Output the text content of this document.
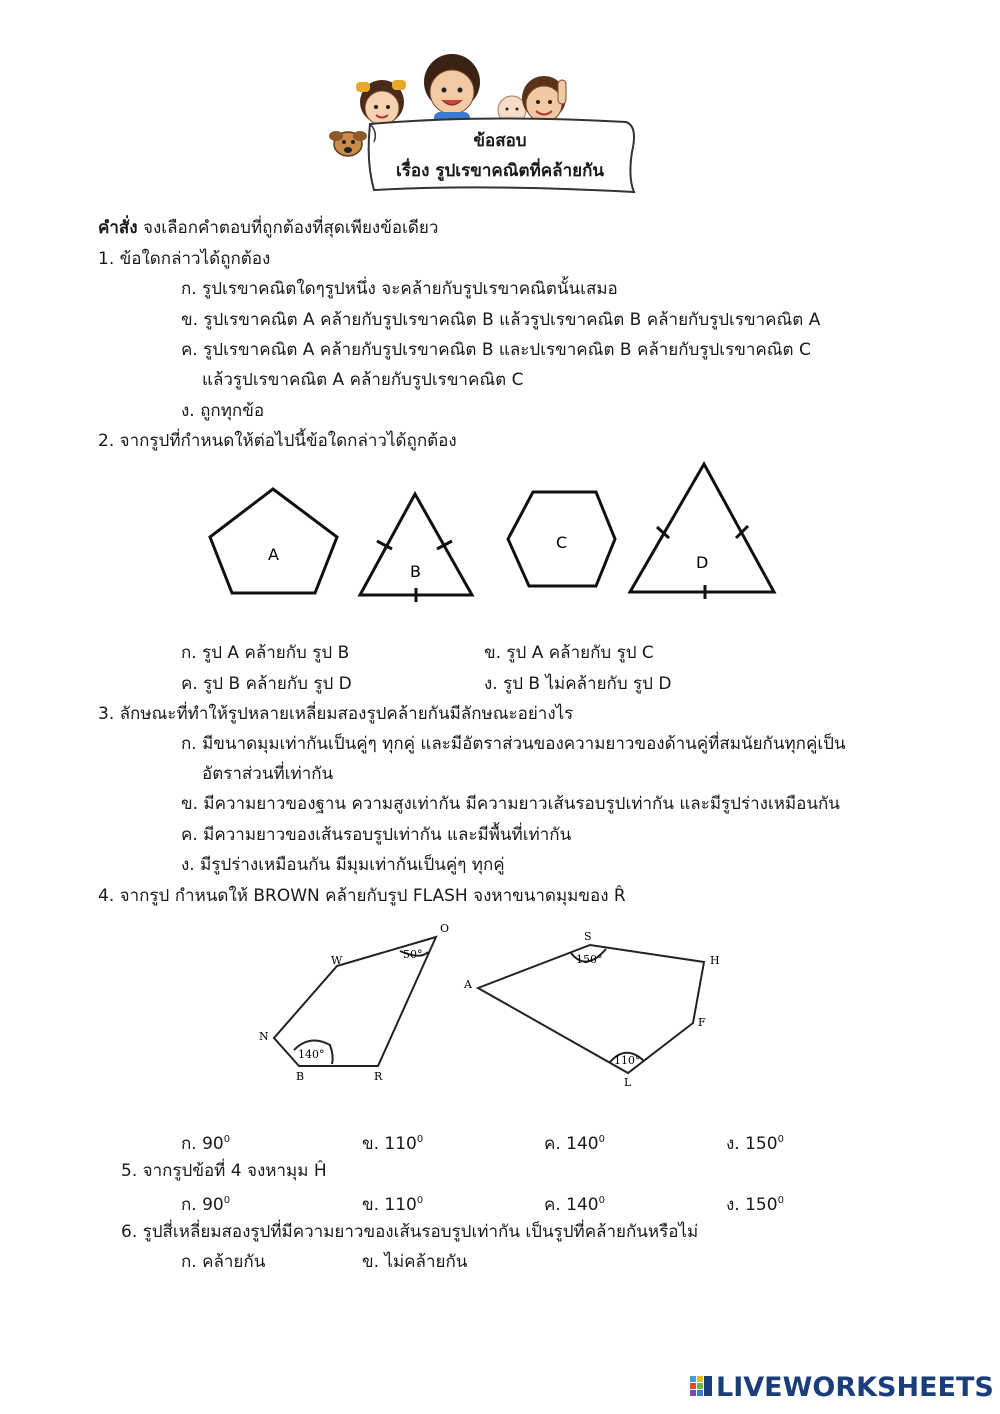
ข้อสอบ
เรื่อง รูปเรขาคณิตที่คล้ายกัน
คำสั่ง จงเลือกคำตอบที่ถูกต้องที่สุดเพียงข้อเดียว
1. ข้อใดกล่าวได้ถูกต้อง
ก. รูปเรขาคณิตใดๆรูปหนึ่ง จะคล้ายกับรูปเรขาคณิตนั้นเสมอ
ข. รูปเรขาคณิต A คล้ายกับรูปเรขาคณิต B แล้วรูปเรขาคณิต B คล้ายกับรูปเรขาคณิต A
ค. รูปเรขาคณิต A คล้ายกับรูปเรขาคณิต B และปเรขาคณิต B คล้ายกับรูปเรขาคณิต C
แล้วรูปเรขาคณิต A คล้ายกับรูปเรขาคณิต C
ง. ถูกทุกข้อ
2. จากรูปที่กำหนดให้ต่อไปนี้ข้อใดกล่าวได้ถูกต้อง
A
B
C
D
ก. รูป A คล้ายกับ รูป B	ข. รูป A คล้ายกับ รูป C
ค. รูป B คล้ายกับ รูป D	ง. รูป B ไม่คล้ายกับ รูป D
3. ลักษณะที่ทำให้รูปหลายเหลี่ยมสองรูปคล้ายกันมีลักษณะอย่างไร
ก. มีขนาดมุมเท่ากันเป็นคู่ๆ ทุกคู่ และมีอัตราส่วนของความยาวของด้านคู่ที่สมนัยกันทุกคู่เป็น
อัตราส่วนที่เท่ากัน
ข. มีความยาวของฐาน ความสูงเท่ากัน มีความยาวเส้นรอบรูปเท่ากัน และมีรูปร่างเหมือนกัน
ค. มีความยาวของเส้นรอบรูปเท่ากัน และมีพื้นที่เท่ากัน
ง. มีรูปร่างเหมือนกัน มีมุมเท่ากันเป็นคู่ๆ ทุกคู่
4. จากรูป กำหนดให้ BROWN คล้ายกับรูป FLASH จงหาขนาดมุมของ R̂
O
W
N
B	R
50°
140°
S
H
A
F
L
150°
110°
ก. $90^0$	ข. $110^0$	ค. $140^0$	ง. $150^0$
5. จากรูปข้อที่ 4 จงหามุม Ĥ
ก. $90^0$	ข. $110^0$	ค. $140^0$	ง. $150^0$
6. รูปสี่เหลี่ยมสองรูปที่มีความยาวของเส้นรอบรูปเท่ากัน เป็นรูปที่คล้ายกันหรือไม่
ก. คล้ายกัน	ข. ไม่คล้ายกัน
LIVEWORKSHEETS
